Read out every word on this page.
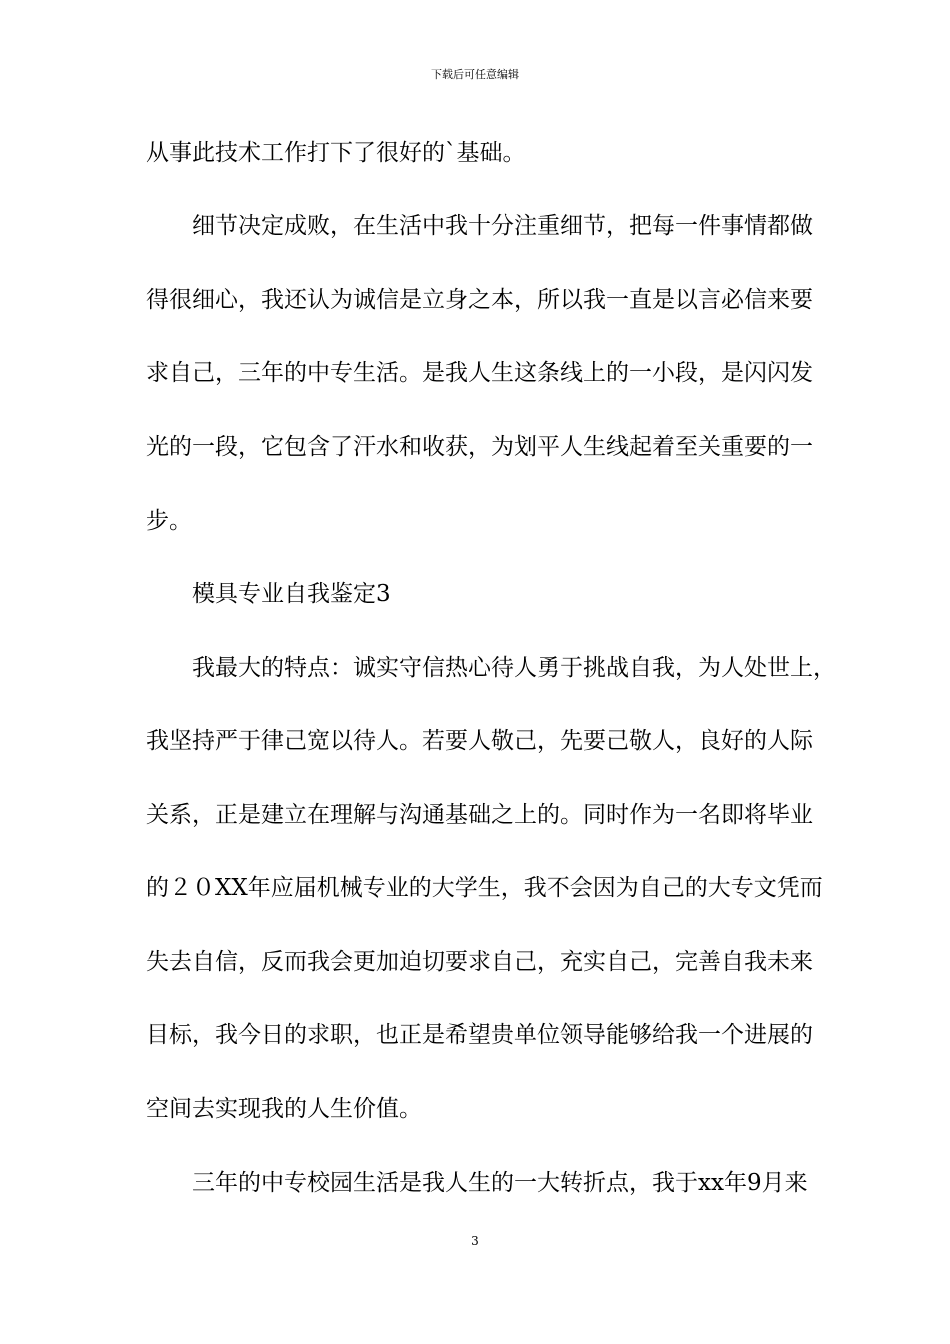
下载后可任意编辑
从事此技术工作打下了很好的`基础。
细节决定成败，在生活中我十分注重细节，把每一件事情都做
得很细心，我还认为诚信是立身之本，所以我一直是以言必信来要
求自己，三年的中专生活。是我人生这条线上的一小段，是闪闪发
光的一段，它包含了汗水和收获，为划平人生线起着至关重要的一
步。
模具专业自我鉴定3
我最大的特点：诚实守信热心待人勇于挑战自我，为人处世上，
我坚持严于律己宽以待人。若要人敬己，先要己敬人，良好的人际
关系，正是建立在理解与沟通基础之上的。同时作为一名即将毕业
的２０XX年应届机械专业的大学生，我不会因为自己的大专文凭而
失去自信，反而我会更加迫切要求自己，充实自己，完善自我未来
目标，我今日的求职，也正是希望贵单位领导能够给我一个进展的
空间去实现我的人生价值。
三年的中专校园生活是我人生的一大转折点，我于xx年9月来
3
